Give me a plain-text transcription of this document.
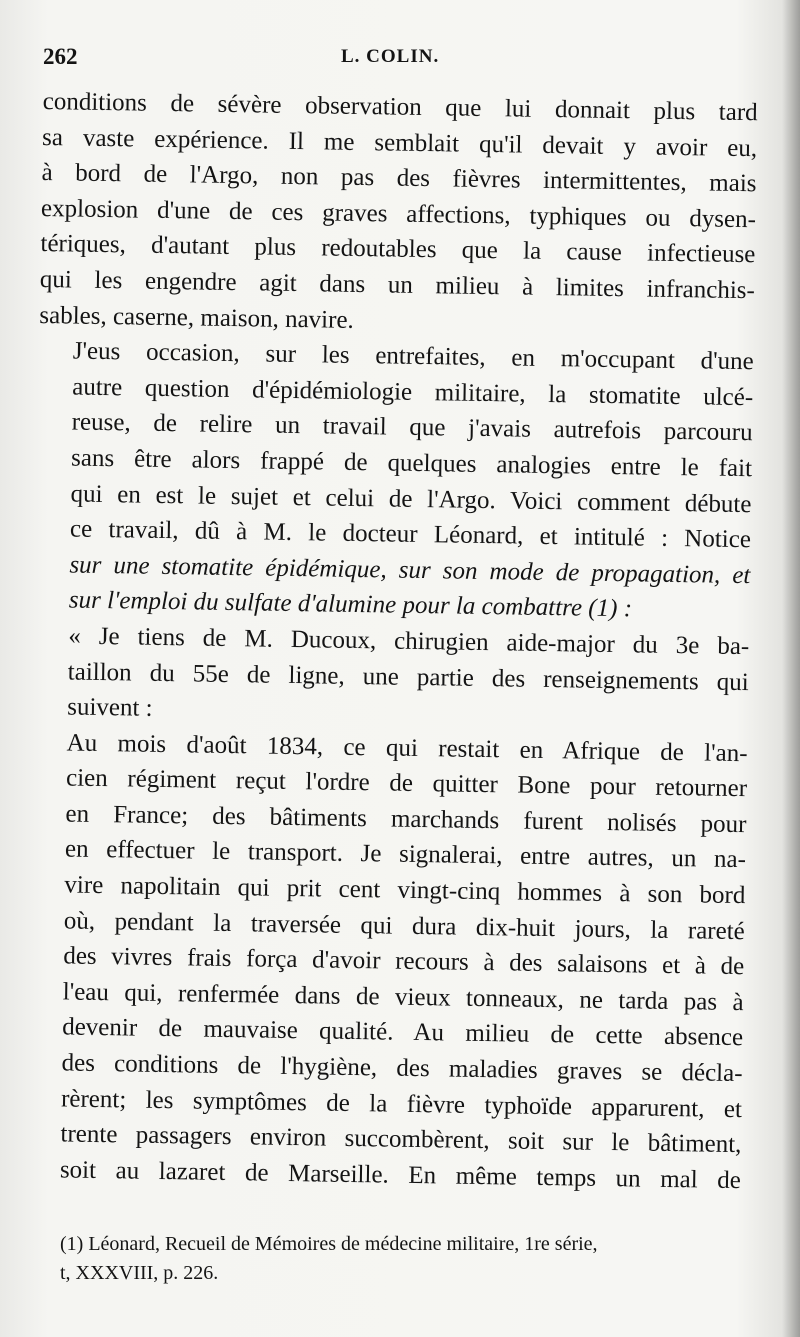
262	L. COLIN.

conditions de sévère observation que lui donnait plus tard
sa vaste expérience. Il me semblait qu'il devait y avoir eu,
à bord de l'Argo, non pas des fièvres intermittentes, mais
explosion d'une de ces graves affections, typhiques ou dysen-
tériques, d'autant plus redoutables que la cause infectieuse
qui les engendre agit dans un milieu à limites infranchis-
sables, caserne, maison, navire.

J'eus occasion, sur les entrefaites, en m'occupant d'une
autre question d'épidémiologie militaire, la stomatite ulcé-
reuse, de relire un travail que j'avais autrefois parcouru
sans être alors frappé de quelques analogies entre le fait
qui en est le sujet et celui de l'Argo. Voici comment débute
ce travail, dû à M. le docteur Léonard, et intitulé : Notice
sur une stomatite épidémique, sur son mode de propagation, et
sur l'emploi du sulfate d'alumine pour la combattre (1) :

« Je tiens de M. Ducoux, chirugien aide-major du 3e ba-
taillon du 55e de ligne, une partie des renseignements qui
suivent :

Au mois d'août 1834, ce qui restait en Afrique de l'an-
cien régiment reçut l'ordre de quitter Bone pour retourner
en France; des bâtiments marchands furent nolisés pour
en effectuer le transport. Je signalerai, entre autres, un na-
vire napolitain qui prit cent vingt-cinq hommes à son bord
où, pendant la traversée qui dura dix-huit jours, la rareté
des vivres frais força d'avoir recours à des salaisons et à de
l'eau qui, renfermée dans de vieux tonneaux, ne tarda pas à
devenir de mauvaise qualité. Au milieu de cette absence
des conditions de l'hygiène, des maladies graves se décla-
rèrent; les symptômes de la fièvre typhoïde apparurent, et
trente passagers environ succombèrent, soit sur le bâtiment,
soit au lazaret de Marseille. En même temps un mal de

(1) Léonard, Recueil de Mémoires de médecine militaire, 1re série,
t, XXXVIII, p. 226.
